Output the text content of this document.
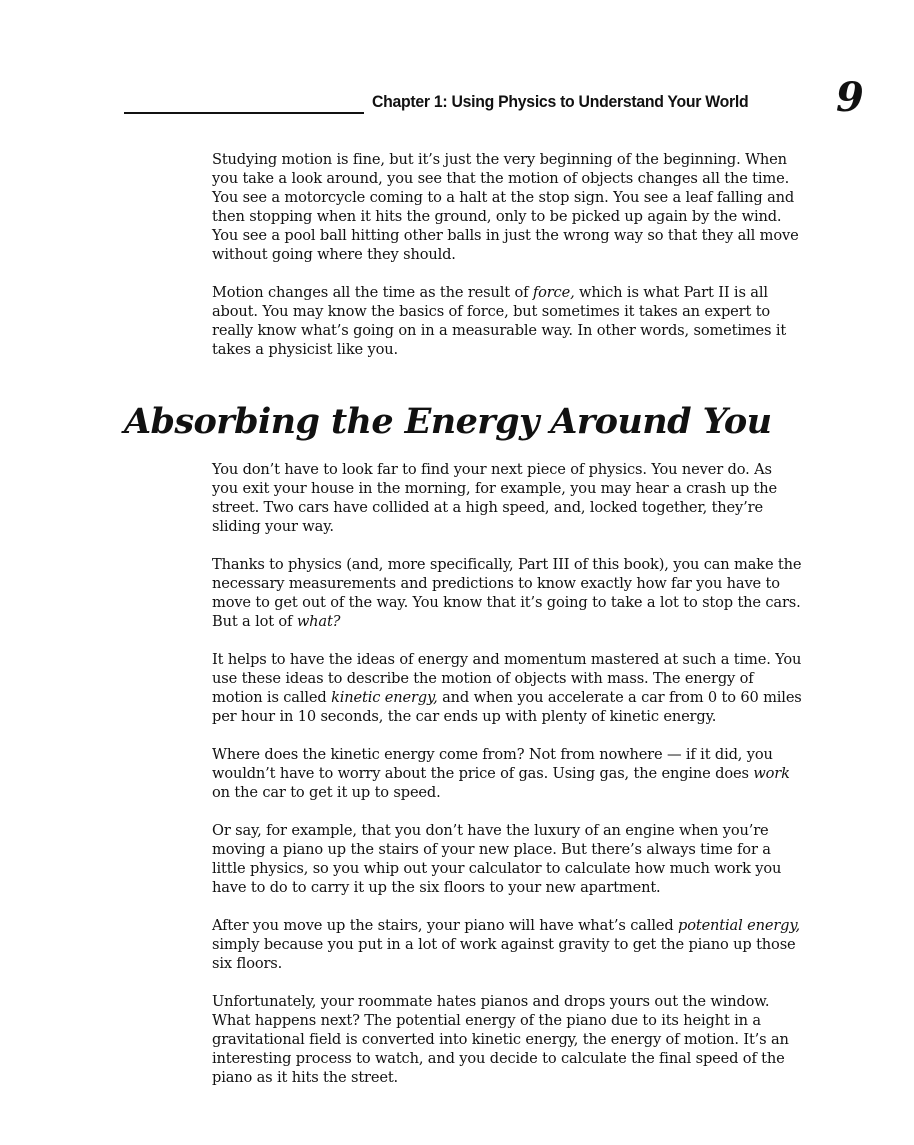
Chapter 1: Using Physics to Understand Your World 9

Studying motion is fine, but it’s just the very beginning of the beginning. When you take a look around, you see that the motion of objects changes all the time. You see a motorcycle coming to a halt at the stop sign. You see a leaf falling and then stopping when it hits the ground, only to be picked up again by the wind. You see a pool ball hitting other balls in just the wrong way so that they all move without going where they should.

Motion changes all the time as the result of force, which is what Part II is all about. You may know the basics of force, but sometimes it takes an expert to really know what’s going on in a measurable way. In other words, sometimes it takes a physicist like you.

Absorbing the Energy Around You

You don’t have to look far to find your next piece of physics. You never do. As you exit your house in the morning, for example, you may hear a crash up the street. Two cars have collided at a high speed, and, locked together, they’re sliding your way.

Thanks to physics (and, more specifically, Part III of this book), you can make the necessary measurements and predictions to know exactly how far you have to move to get out of the way. You know that it’s going to take a lot to stop the cars. But a lot of what?

It helps to have the ideas of energy and momentum mastered at such a time. You use these ideas to describe the motion of objects with mass. The energy of motion is called kinetic energy, and when you accelerate a car from 0 to 60 miles per hour in 10 seconds, the car ends up with plenty of kinetic energy.

Where does the kinetic energy come from? Not from nowhere — if it did, you wouldn’t have to worry about the price of gas. Using gas, the engine does work on the car to get it up to speed.

Or say, for example, that you don’t have the luxury of an engine when you’re moving a piano up the stairs of your new place. But there’s always time for a little physics, so you whip out your calculator to calculate how much work you have to do to carry it up the six floors to your new apartment.

After you move up the stairs, your piano will have what’s called potential energy, simply because you put in a lot of work against gravity to get the piano up those six floors.

Unfortunately, your roommate hates pianos and drops yours out the window. What happens next? The potential energy of the piano due to its height in a gravitational field is converted into kinetic energy, the energy of motion. It’s an interesting process to watch, and you decide to calculate the final speed of the piano as it hits the street.
